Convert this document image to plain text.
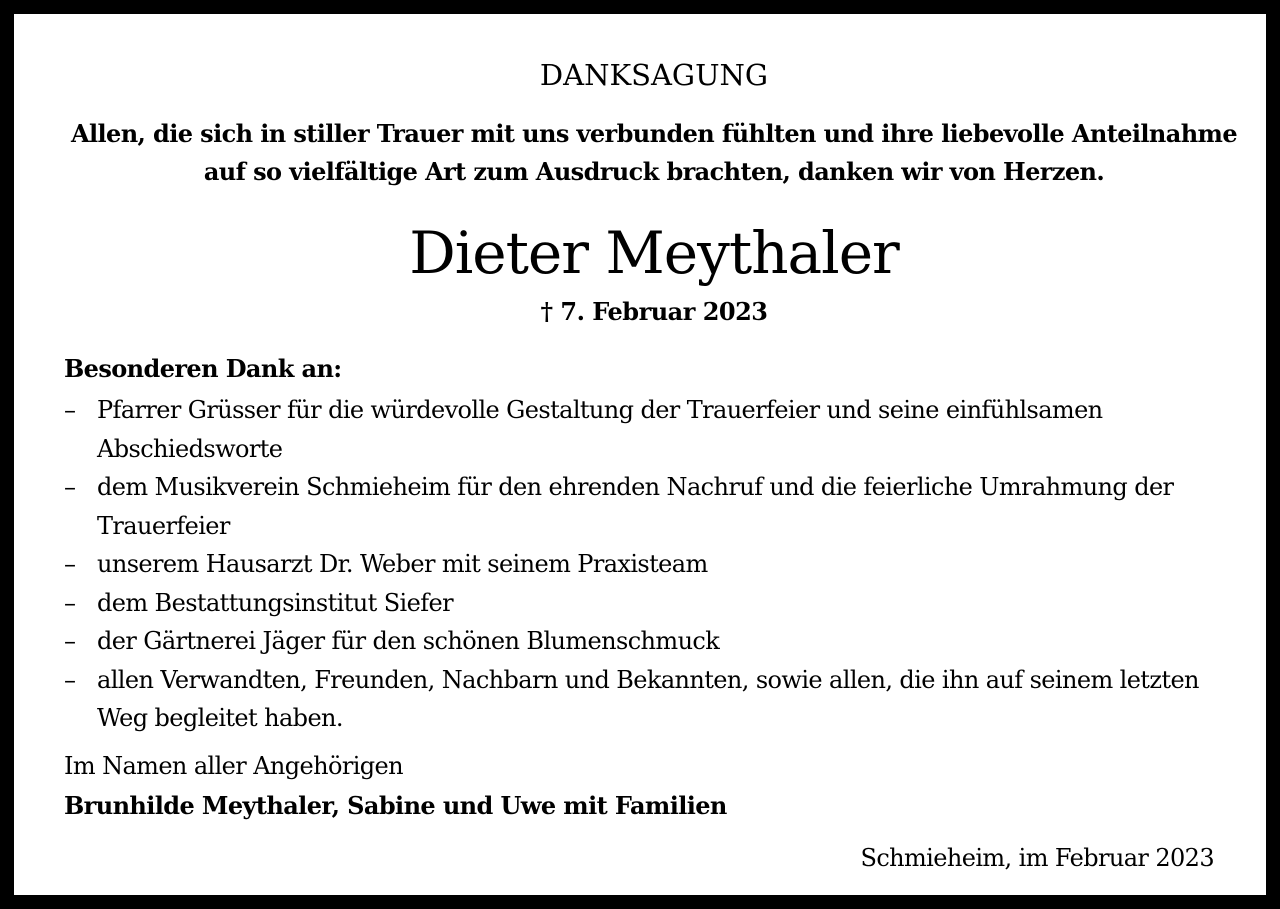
DANKSAGUNG
Allen, die sich in stiller Trauer mit uns verbunden fühlten und ihre liebevolle Anteilnahme
auf so vielfältige Art zum Ausdruck brachten, danken wir von Herzen.
Dieter Meythaler
† 7. Februar 2023
Besonderen Dank an:
– Pfarrer Grüsser für die würdevolle Gestaltung der Trauerfeier und seine einfühlsamen Abschiedsworte
– dem Musikverein Schmieheim für den ehrenden Nachruf und die feierliche Umrahmung der Trauerfeier
– unserem Hausarzt Dr. Weber mit seinem Praxisteam
– dem Bestattungsinstitut Siefer
– der Gärtnerei Jäger für den schönen Blumenschmuck
– allen Verwandten, Freunden, Nachbarn und Bekannten, sowie allen, die ihn auf seinem letzten Weg begleitet haben.
Im Namen aller Angehörigen
Brunhilde Meythaler, Sabine und Uwe mit Familien
Schmieheim, im Februar 2023
